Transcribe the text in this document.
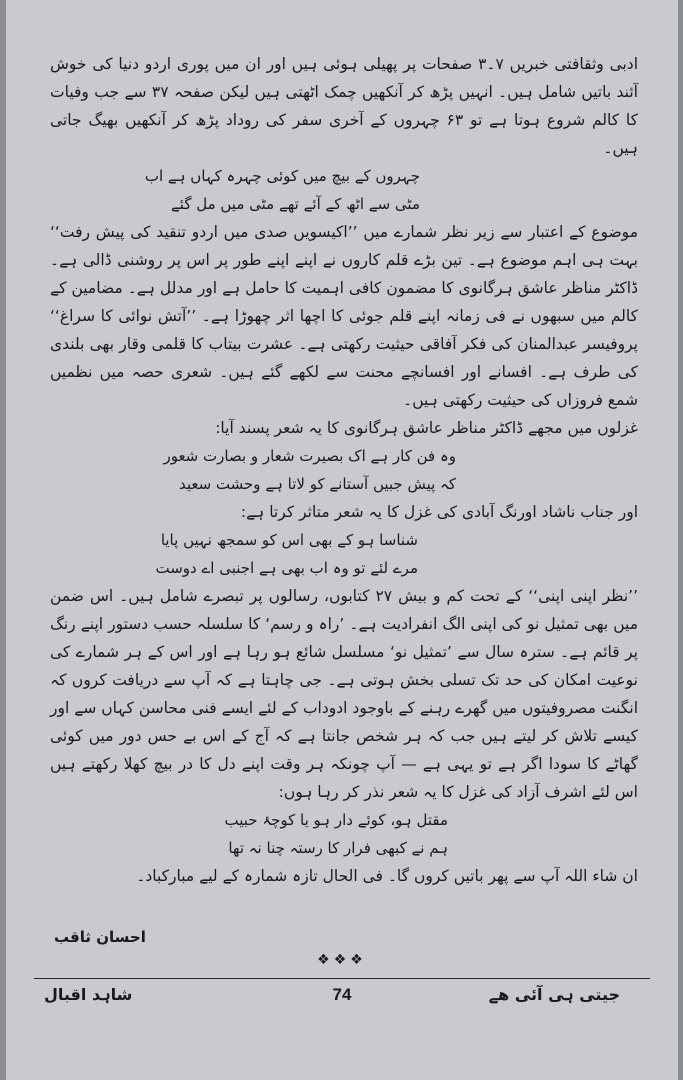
ادبی وثقافتی خبریں ۷۔۳ صفحات پر پھیلی ہوئی ہیں اور ان میں پوری اردو دنیا کی خوش آئند باتیں شامل ہیں۔ انہیں پڑھ کر آنکھیں چمک اٹھتی ہیں لیکن صفحہ ۳۷ سے جب وفیات کا کالم شروع ہوتا ہے تو ۶۳ چہروں کے آخری سفر کی روداد پڑھ کر آنکھیں بھیگ جاتی ہیں۔

چہروں کے بیچ میں کوئی چہرہ کہاں ہے اب
مٹی سے اٹھ کے آئے تھے مٹی میں مل گئے

موضوع کے اعتبار سے زیر نظر شمارے میں ’’اکیسویں صدی میں اردو تنقید کی پیش رفت‘‘ بہت ہی اہم موضوع ہے۔ تین بڑے قلم کاروں نے اپنے اپنے طور پر اس پر روشنی ڈالی ہے۔ ڈاکٹر مناظر عاشق ہرگانوی کا مضمون کافی اہمیت کا حامل ہے اور مدلل ہے۔ مضامین کے کالم میں سبھوں نے فی زمانہ اپنے قلم جوئی کا اچھا اثر چھوڑا ہے۔ ’’آتش نوائی کا سراغ‘‘ پروفیسر عبدالمنان کی فکر آفاقی حیثیت رکھتی ہے۔ عشرت بیتاب کا قلمی وقار بھی بلندی کی طرف ہے۔ افسانے اور افسانچے محنت سے لکھے گئے ہیں۔ شعری حصہ میں نظمیں شمع فروزاں کی حیثیت رکھتی ہیں۔

غزلوں میں مجھے ڈاکٹر مناظر عاشق ہرگانوی کا یہ شعر پسند آیا:

وہ فن کار ہے اک بصیرت شعار و بصارت شعور
کہ پیش جبیں آستانے کو لاتا ہے وحشت سعید

اور جناب ناشاد اورنگ آبادی کی غزل کا یہ شعر متاثر کرتا ہے:

شناسا ہو کے بھی اس کو سمجھ نہیں پایا
مرے لئے تو وہ اب بھی ہے اجنبی اے دوست

’’نظر اپنی اپنی‘‘ کے تحت کم و بیش ۲۷ کتابوں، رسالوں پر تبصرے شامل ہیں۔ اس ضمن میں بھی تمثیل نو کی اپنی الگ انفرادیت ہے۔ ’راہ و رسم‘ کا سلسلہ حسب دستور اپنے رنگ پر قائم ہے۔ سترہ سال سے ’تمثیل نو‘ مسلسل شائع ہو رہا ہے اور اس کے ہر شمارے کی نوعیت امکان کی حد تک تسلی بخش ہوتی ہے۔ جی چاہتا ہے کہ آپ سے دریافت کروں کہ انگنت مصروفیتوں میں گھرے رہنے کے باوجود ادوداب کے لئے ایسے فنی محاسن کہاں سے اور کیسے تلاش کر لیتے ہیں جب کہ ہر شخص جانتا ہے کہ آج کے اس بے حس دور میں کوئی گھاٹے کا سودا اگر ہے تو یہی ہے — آپ چونکہ ہر وقت اپنے دل کا در بیچ کھلا رکھتے ہیں اس لئے اشرف آزاد کی غزل کا یہ شعر نذر کر رہا ہوں:

مقتل ہو، کوئے دار ہو یا کوچۂ حبیب
ہم نے کبھی فرار کا رستہ چنا نہ تھا

ان شاء اللہ آپ سے پھر باتیں کروں گا۔ فی الحال تازہ شمارہ کے لیے مبارکباد۔

احسان ثاقب
❖❖❖
شاہد اقبال	74	جیتی ہی آئی ھے
